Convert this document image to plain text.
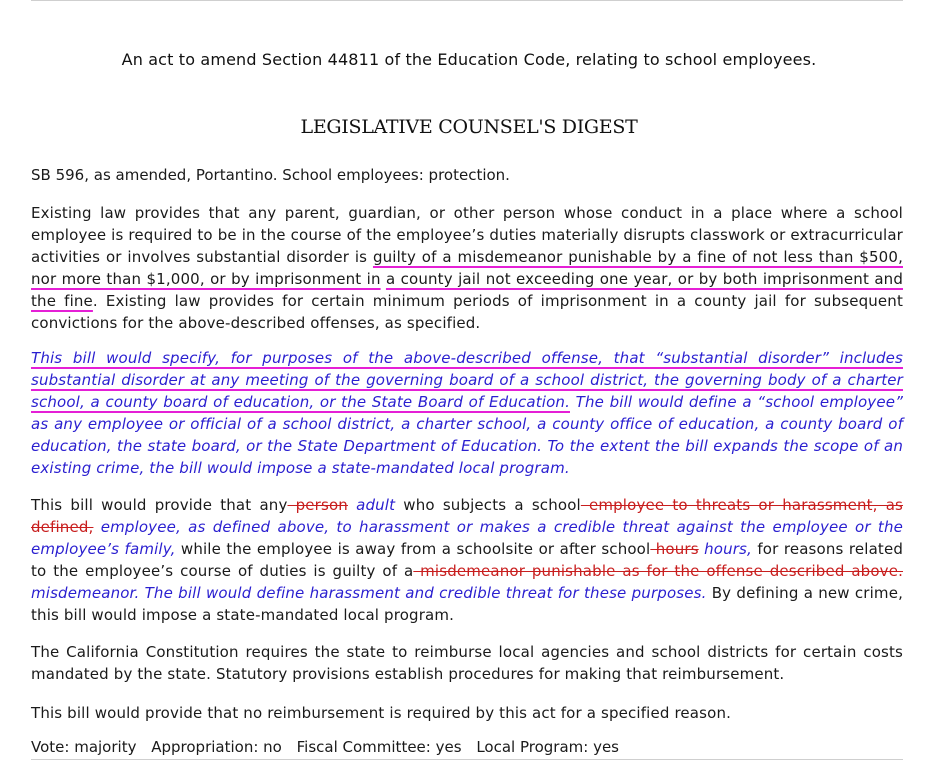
An act to amend Section 44811 of the Education Code, relating to school employees.
LEGISLATIVE COUNSEL'S DIGEST
SB 596, as amended, Portantino. School employees: protection.
Existing law provides that any parent, guardian, or other person whose conduct in a place where a school employee is required to be in the course of the employee’s duties materially disrupts classwork or extracurricular activities or involves substantial disorder is guilty of a misdemeanor punishable by a fine of not less than $500, nor more than $1,000, or by imprisonment in a county jail not exceeding one year, or by both imprisonment and the fine. Existing law provides for certain minimum periods of imprisonment in a county jail for subsequent convictions for the above-described offenses, as specified.
This bill would specify, for purposes of the above-described offense, that “substantial disorder” includes substantial disorder at any meeting of the governing board of a school district, the governing body of a charter school, a county board of education, or the State Board of Education. The bill would define a “school employee” as any employee or official of a school district, a charter school, a county office of education, a county board of education, the state board, or the State Department of Education. To the extent the bill expands the scope of an existing crime, the bill would impose a state-mandated local program.
This bill would provide that any person adult who subjects a school employee to threats or harassment, as defined, employee, as defined above, to harassment or makes a credible threat against the employee or the employee’s family, while the employee is away from a schoolsite or after school hours hours, for reasons related to the employee’s course of duties is guilty of a misdemeanor punishable as for the offense described above. misdemeanor. The bill would define harassment and credible threat for these purposes. By defining a new crime, this bill would impose a state-mandated local program.
The California Constitution requires the state to reimburse local agencies and school districts for certain costs mandated by the state. Statutory provisions establish procedures for making that reimbursement.
This bill would provide that no reimbursement is required by this act for a specified reason.
Vote: majority Appropriation: no Fiscal Committee: yes Local Program: yes
